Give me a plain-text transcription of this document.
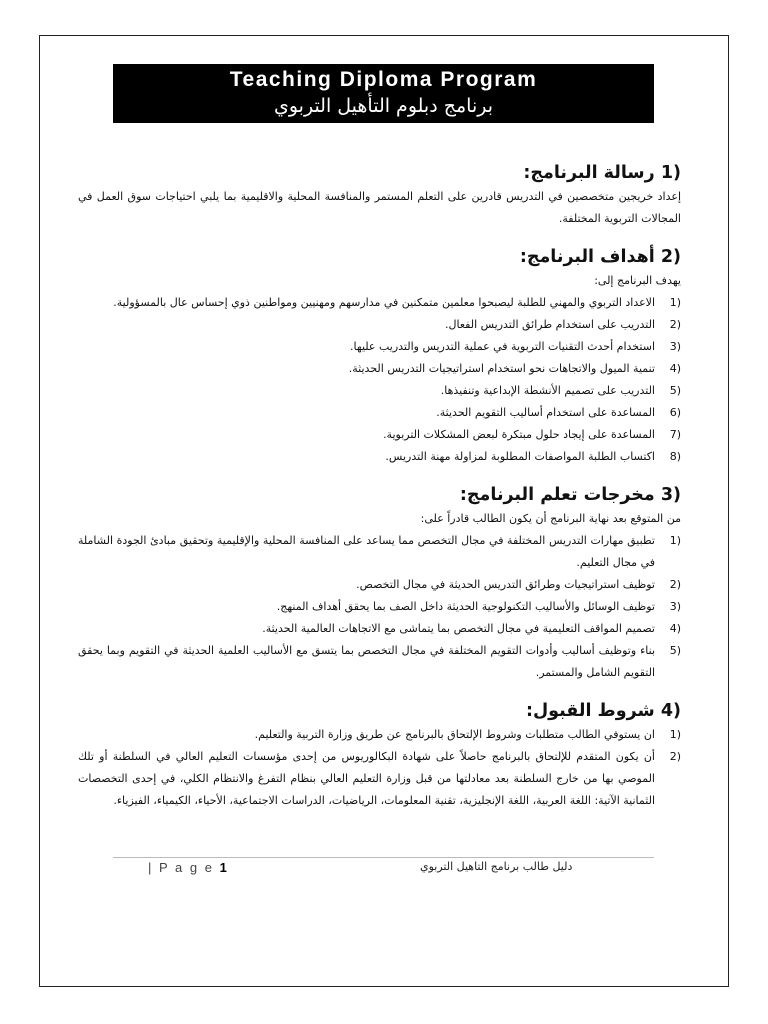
Teaching Diploma Program
برنامج دبلوم التأهيل التربوي
1) رسالة البرنامج:

إعداد خريجين متخصصين في التدريس قادرين على التعلم المستمر والمنافسة المحلية والاقليمية بما يلبي احتياجات سوق العمل في المجالات التربوية المختلفة.

2) أهداف البرنامج:

يهدف البرنامج إلى:

1)
الاعداد التربوي والمهني للطلبة ليصبحوا معلمين متمكنين في مدارسهم ومهنيين ومواطنين ذوي إحساس عال بالمسؤولية.
2)
التدريب على استخدام طرائق التدريس الفعال.
3)
استخدام أحدث التقنيات التربوية في عملية التدريس والتدريب عليها.
4)
تنمية الميول والاتجاهات نحو استخدام استراتيجيات التدريس الحديثة.
5)
التدريب على تصميم الأنشطة الإبداعية وتنفيذها.
6)
المساعدة على استخدام أساليب التقويم الحديثة.
7)
المساعدة على إيجاد حلول مبتكرة لبعض المشكلات التربوية.
8)
اكتساب الطلبة المواصفات المطلوبة لمزاولة مهنة التدريس.
3) مخرجات تعلم البرنامج:

من المتوقع بعد نهاية البرنامج أن يكون الطالب قادراً على:

1)
تطبيق مهارات التدريس المختلفة في مجال التخصص مما يساعد على المنافسة المحلية والإقليمية وتحقيق مبادئ الجودة الشاملة في مجال التعليم.
2)
توظيف استراتيجيات وطرائق التدريس الحديثة في مجال التخصص.
3)
توظيف الوسائل والأساليب التكنولوجية الحديثة داخل الصف بما يحقق أهداف المنهج.
4)
تصميم المواقف التعليمية في مجال التخصص بما يتماشى مع الاتجاهات العالمية الحديثة.
5)
بناء وتوظيف أساليب وأدوات التقويم المختلفة في مجال التخصص بما يتسق مع الأساليب العلمية الحديثة في التقويم وبما يحقق التقويم الشامل والمستمر.
4) شروط القبول:
1)
ان يستوفي الطالب متطلبات وشروط الإلتحاق بالبرنامج عن طريق وزارة التربية والتعليم.
2)
أن يكون المتقدم للإلتحاق بالبرنامج حاصلاً على شهادة البكالوريوس من إحدى مؤسسات التعليم العالي في السلطنة أو تلك الموصي بها من خارج السلطنة بعد معادلتها من قبل وزارة التعليم العالي بنظام التفرغ والانتظام الكلي، في إحدى التخصصات الثمانية الآتية: اللغة العربية، اللغة الإنجليزية، تقنية المعلومات، الرياضيات، الدراسات الاجتماعية، الأحياء، الكيمياء، الفيزياء.
| P a g e 1	دليل طالب برنامج التاهيل التربوي
